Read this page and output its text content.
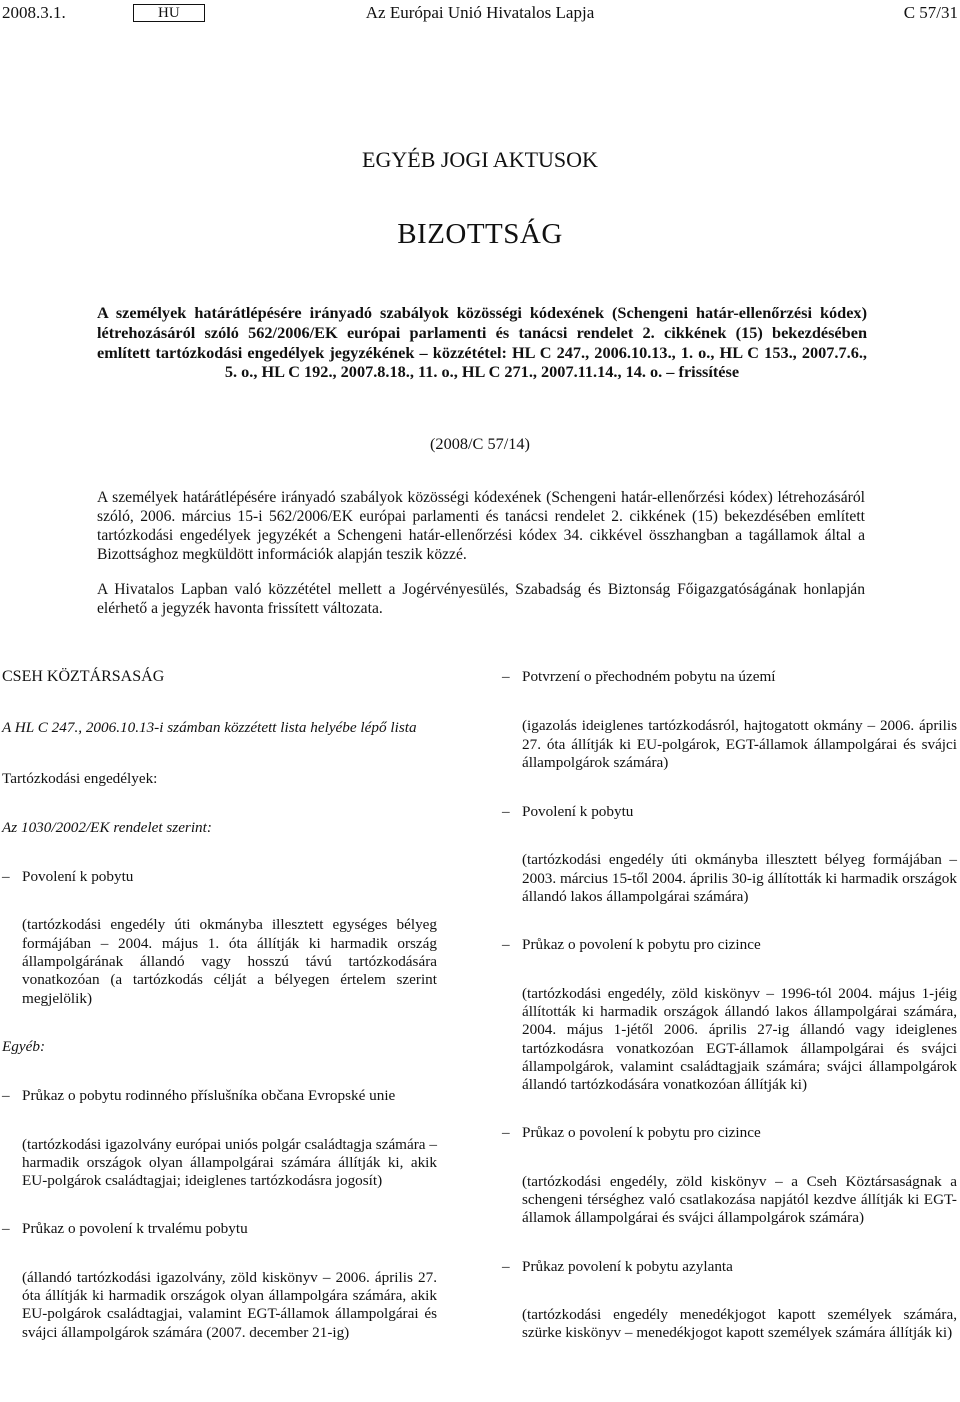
Az Európai Unió Hivatalos Lapja
2008.3.1.	HU	C 57/31
EGYÉB JOGI AKTUSOK
BIZOTTSÁG
A személyek határátlépésére irányadó szabályok közösségi kódexének (Schengeni határ-ellenőrzési kódex) létrehozásáról szóló 562/2006/EK európai parlamenti és tanácsi rendelet 2. cikkének (15) bekezdésében említett tartózkodási engedélyek jegyzékének – közzététel: HL C 247., 2006.10.13., 1. o., HL C 153., 2007.7.6., 5. o., HL C 192., 2007.8.18., 11. o., HL C 271., 2007.11.14., 14. o. – frissítése
(2008/C 57/14)
A személyek határátlépésére irányadó szabályok közösségi kódexének (Schengeni határ-ellenőrzési kódex) létrehozásáról szóló, 2006. március 15-i 562/2006/EK európai parlamenti és tanácsi rendelet 2. cikkének (15) bekezdésében említett tartózkodási engedélyek jegyzékét a Schengeni határ-ellenőrzési kódex 34. cikkével összhangban a tagállamok által a Bizottsághoz megküldött információk alapján teszik közzé.
A Hivatalos Lapban való közzététel mellett a Jogérvényesülés, Szabadság és Biztonság Főigazgatóságának honlapján elérhető a jegyzék havonta frissített változata.

CSEH KÖZTÁRSASÁG

A HL C 247., 2006.10.13-i számban közzétett lista helyébe lépő lista

Tartózkodási engedélyek:

Az 1030/2002/EK rendelet szerint:

– Povolení k pobytu

(tartózkodási engedély úti okmányba illesztett egységes bélyeg formájában – 2004. május 1. óta állítják ki harmadik ország állampolgárának állandó vagy hosszú távú tartózkodására vonatkozóan (a tartózkodás célját a bélyegen értelem szerint megjelölik)

Egyéb:

– Průkaz o pobytu rodinného příslušníka občana Evropské unie

(tartózkodási igazolvány európai uniós polgár családtagja számára – harmadik országok olyan állampolgárai számára állítják ki, akik EU-polgárok családtagjai; ideiglenes tartózkodásra jogosít)

– Průkaz o povolení k trvalému pobytu

(állandó tartózkodási igazolvány, zöld kiskönyv – 2006. április 27. óta állítják ki harmadik országok olyan állampolgára számára, akik EU-polgárok családtagjai, valamint EGT-államok állampolgárai és svájci állampolgárok számára (2007. december 21-ig)

– Potvrzení o přechodném pobytu na území

(igazolás ideiglenes tartózkodásról, hajtogatott okmány – 2006. április 27. óta állítják ki EU-polgárok, EGT-államok állampolgárai és svájci állampolgárok számára)

– Povolení k pobytu

(tartózkodási engedély úti okmányba illesztett bélyeg formájában – 2003. március 15-től 2004. április 30-ig állították ki harmadik országok állandó lakos állampolgárai számára)

– Průkaz o povolení k pobytu pro cizince

(tartózkodási engedély, zöld kiskönyv – 1996-tól 2004. május 1-jéig állították ki harmadik országok állandó lakos állampolgárai számára, 2004. május 1-jétől 2006. április 27-ig állandó vagy ideiglenes tartózkodásra vonatkozóan EGT-államok állampolgárai és svájci állampolgárok, valamint családtagjaik számára; svájci állampolgárok állandó tartózkodására vonatkozóan állítják ki)

– Průkaz o povolení k pobytu pro cizince

(tartózkodási engedély, zöld kiskönyv – a Cseh Köztársaságnak a schengeni térséghez való csatlakozása napjától kezdve állítják ki EGT-államok állampolgárai és svájci állampolgárok számára)

– Průkaz povolení k pobytu azylanta

(tartózkodási engedély menedékjogot kapott személyek számára, szürke kiskönyv – menedékjogot kapott személyek számára állítják ki)
